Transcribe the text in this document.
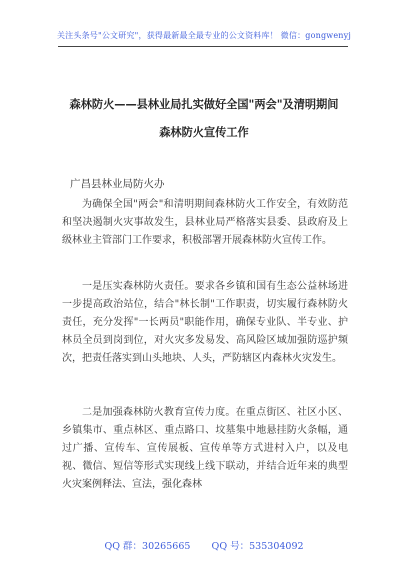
关注头条号"公文研究"，获得最新最全最专业的公文资料库！ 微信：gongwenyj
森林防火——县林业局扎实做好全国"两会"及清明期间
森林防火宣传工作
广昌县林业局防火办
为确保全国"两会"和清明期间森林防火工作安全，有效防范和坚决遏制火灾事故发生，县林业局严格落实县委、县政府及上级林业主管部门工作要求，积极部署开展森林防火宣传工作。
一是压实森林防火责任。要求各乡镇和国有生态公益林场进一步提高政治站位，结合"林长制"工作职责，切实履行森林防火责任，充分发挥"一长两员"职能作用，确保专业队、半专业、护林员全员到岗到位，对火灾多发易发、高风险区域加强防巡护频次，把责任落实到山头地块、人头，严防辖区内森林火灾发生。
二是加强森林防火教育宣传力度。在重点街区、社区小区、乡镇集市、重点林区、重点路口、坟墓集中地悬挂防火条幅，通过广播、宣传车、宣传展板、宣传单等方式进村入户，以及电视、微信、短信等形式实现线上线下联动，并结合近年来的典型火灾案例释法、宣法，强化森林
QQ 群：30265665       QQ 号：535304092
